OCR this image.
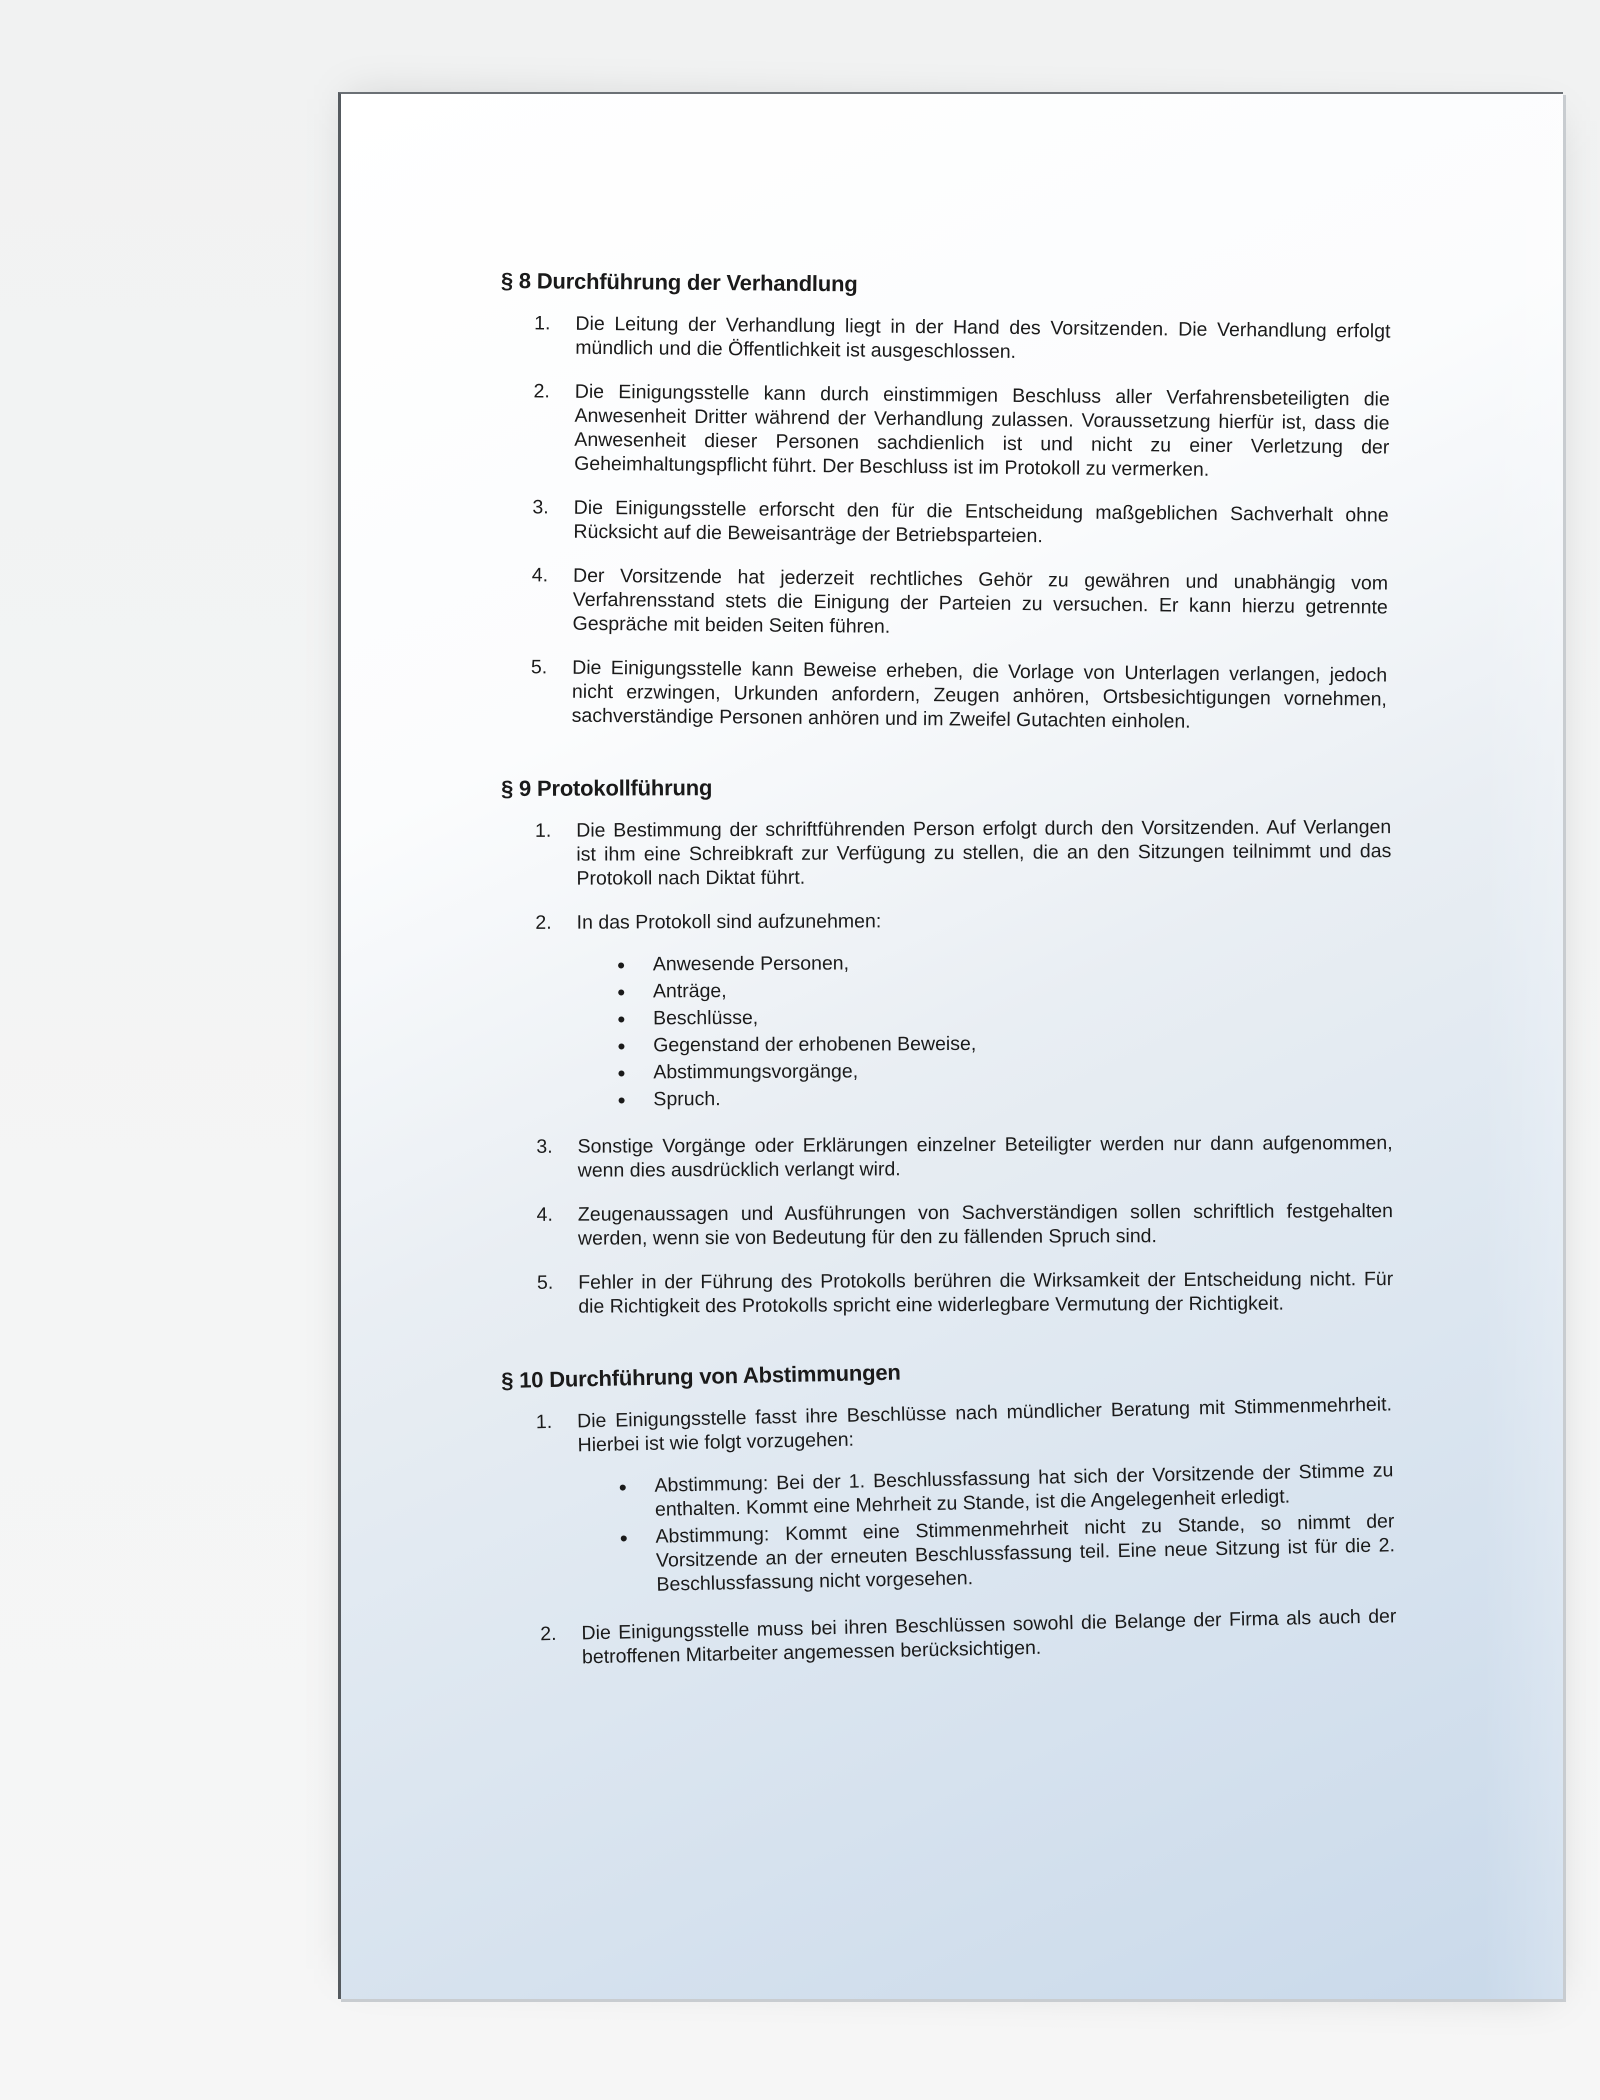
§ 8 Durchführung der Verhandlung
1.	Die Leitung der Verhandlung liegt in der Hand des Vorsitzenden. Die Verhandlung erfolgt mündlich und die Öffentlichkeit ist ausgeschlossen.
2.	Die Einigungsstelle kann durch einstimmigen Beschluss aller Verfahrensbeteiligten die Anwesenheit Dritter während der Verhandlung zulassen. Voraussetzung hierfür ist, dass die Anwesenheit dieser Personen sachdienlich ist und nicht zu einer Verletzung der Geheimhaltungspflicht führt. Der Beschluss ist im Protokoll zu vermerken.
3.	Die Einigungsstelle erforscht den für die Entscheidung maßgeblichen Sachverhalt ohne Rücksicht auf die Beweisanträge der Betriebsparteien.
4.	Der Vorsitzende hat jederzeit rechtliches Gehör zu gewähren und unabhängig vom Verfahrensstand stets die Einigung der Parteien zu versuchen. Er kann hierzu getrennte Gespräche mit beiden Seiten führen.
5.	Die Einigungsstelle kann Beweise erheben, die Vorlage von Unterlagen verlangen, jedoch nicht erzwingen, Urkunden anfordern, Zeugen anhören, Ortsbesichtigungen vornehmen, sachverständige Personen anhören und im Zweifel Gutachten einholen.
§ 9 Protokollführung
1.	Die Bestimmung der schriftführenden Person erfolgt durch den Vorsitzenden. Auf Verlangen ist ihm eine Schreibkraft zur Verfügung zu stellen, die an den Sitzungen teilnimmt und das Protokoll nach Diktat führt.
2.	In das Protokoll sind aufzunehmen:
●	Anwesende Personen,
●	Anträge,
●	Beschlüsse,
●	Gegenstand der erhobenen Beweise,
●	Abstimmungsvorgänge,
●	Spruch.
3.	Sonstige Vorgänge oder Erklärungen einzelner Beteiligter werden nur dann aufgenommen, wenn dies ausdrücklich verlangt wird.
4.	Zeugenaussagen und Ausführungen von Sachverständigen sollen schriftlich festgehalten werden, wenn sie von Bedeutung für den zu fällenden Spruch sind.
5.	Fehler in der Führung des Protokolls berühren die Wirksamkeit der Entscheidung nicht. Für die Richtigkeit des Protokolls spricht eine widerlegbare Vermutung der Richtigkeit.
§ 10 Durchführung von Abstimmungen
1.	Die Einigungsstelle fasst ihre Beschlüsse nach mündlicher Beratung mit Stimmenmehrheit. Hierbei ist wie folgt vorzugehen:
●	Abstimmung: Bei der 1. Beschlussfassung hat sich der Vorsitzende der Stimme zu enthalten. Kommt eine Mehrheit zu Stande, ist die Angelegenheit erledigt.
●	Abstimmung: Kommt eine Stimmenmehrheit nicht zu Stande, so nimmt der Vorsitzende an der erneuten Beschlussfassung teil. Eine neue Sitzung ist für die 2. Beschlussfassung nicht vorgesehen.
2.	Die Einigungsstelle muss bei ihren Beschlüssen sowohl die Belange der Firma als auch der betroffenen Mitarbeiter angemessen berücksichtigen.
